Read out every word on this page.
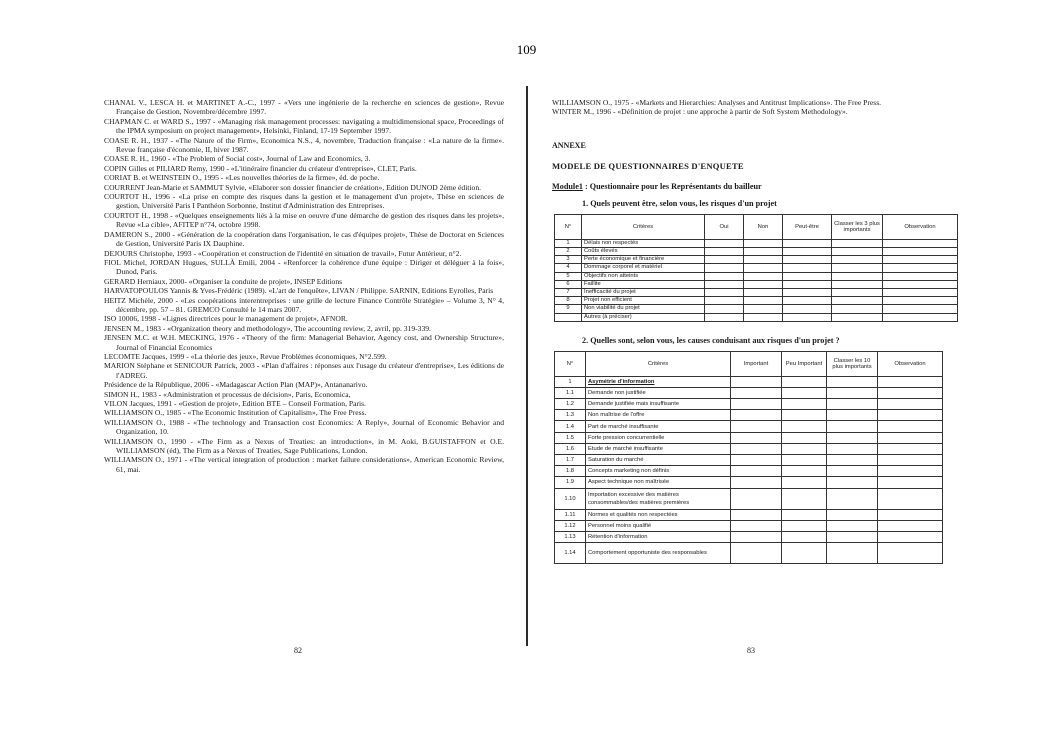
109
CHANAL V., LESCA H. et MARTINET A.-C., 1997 - «Vers une ingénierie de la recherche en sciences de gestion», Revue Française de Gestion, Novembre/décembre 1997.
CHAPMAN C. et WARD S., 1997 - «Managing risk management processes: navigating a multidimensional space, Proceedings of the IPMA symposium on project management», Helsinki, Finland, 17-19 September 1997.
COASE R. H., 1937 - «The Nature of the Firm», Economica N.S., 4, novembre, Traduction française : «La nature de la firme». Revue française d'économie, II, hiver 1987.
COASE R. H., 1960 - «The Problem of Social cost», Journal of Law and Economics, 3.
COPIN Gilles et PILIARD Remy, 1990 - «L'itinéraire financier du créateur d'entreprise», CLET, Paris.
CORIAT B. et WEINSTEIN O., 1995 - «Les nouvelles théories de la firme», éd. de poche.
COURRENT Jean-Marie et SAMMUT Sylvie, «Elaborer son dossier financier de création», Edition DUNOD 2ème édition.
COURTOT H., 1996 - «La prise en compte des risques dans la gestion et le management d'un projet», Thèse en sciences de gestion, Université Paris I Panthéon Sorbonne, Institut d'Administration des Entreprises.
COURTOT H., 1998 - «Quelques enseignements liés à la mise en oeuvre d'une démarche de gestion des risques dans les projets», Revue «La cible», AFITEP n°74, octobre 1998.
DAMERON S., 2000 - «Génération de la coopération dans l'organisation, le cas d'équipes projet», Thèse de Doctorat en Sciences de Gestion, Université Paris IX Dauphine.
DEJOURS Christophe, 1993 - «Coopération et construction de l'identité en situation de travail», Futur Antérieur, n°2.
FIOL Michel, JORDAN Hugues, SULLÀ Emili, 2004 - «Renforcer la cohérence d'une équipe : Diriger et déléguer à la fois», Dunod, Paris.
GERARD Herniaux, 2000- «Organiser la conduite de projet», INSEP Editions
HARVATOPOULOS Yannis & Yves-Frédéric (1989). «L'art de l'enquête», LIVAN / Philippe. SARNIN, Editions Eyrolles, Paris
HEITZ Michèle, 2000 - «Les coopérations interentreprises : une grille de lecture Finance Contrôle Stratégie» – Volume 3, N° 4, décembre, pp. 57 – 81. GREMCO Consulté le 14 mars 2007.
ISO 10006, 1998 - «Lignes directrices pour le management de projet», AFNOR.
JENSEN M., 1983 - «Organization theory and methodology», The accounting review, 2, avril, pp. 319-339.
JENSEN M.C. et W.H. MECKING, 1976 - «Theory of the firm: Managerial Behavior, Agency cost, and Ownership Structure», Journal of Financial Economics
LECOMTE Jacques, 1999 - «La théorie des jeux», Revue Problèmes économiques, N°2.599.
MARION Stéphane et SENICOUR Patrick, 2003 - «Plan d'affaires : réponses aux l'usage du créateur d'entreprise», Les éditions de l'ADREG.
Présidence de la République, 2006 - «Madagascar Action Plan (MAP)», Antananarivo.
SIMON H., 1983 - «Administration et processus de décision», Paris, Economica,
VILON Jacques, 1991 - «Gestion de projet», Edition BTE – Conseil Formation, Paris.
WILLIAMSON O., 1985 - «The Economic Institution of Capitalism», The Free Press.
WILLIAMSON O., 1988 - «The technology and Transaction cost Economics: A Reply», Journal of Economic Behavior and Organization, 10.
WILLIAMSON O., 1990 - «The Firm as a Nexus of Treaties: an introduction», in M. Aoki, B.GUISTAFFON et O.E. WILLIAMSON (éd), The Firm as a Nexus of Treaties, Sage Publications, London.
WILLIAMSON O., 1971 - «The vertical integration of production : market failure considerations», American Economic Review, 61, mai.
82
WILLIAMSON O., 1975 - «Markets and Hierarchies: Analyses and Antitrust Implications». The Free Press.
WINTER M., 1996 - «Définition de projet : une approche à partir de Soft System Methodology».
ANNEXE
MODELE DE QUESTIONNAIRES D'ENQUETE
Module1 : Questionnaire pour les Représentants du bailleur
1. Quels peuvent être, selon vous, les risques d'un projet
N°	Critères	Oui	Non	Peut-être	Classer les 3 plus importants	Observation
1	Délais non respectés					
2	Coûts élevés					
3	Perte économique et financière					
4	Dommage corporel et matériel					
5	Objectifs non atteints					
6	Faillite					
7	Inefficacité du projet					
8	Projet non efficient					
9	Non viabilité du projet					
	Autres (à préciser)					
2. Quelles sont, selon vous, les causes conduisant aux risques d'un projet ?
N°	Critères	Important	Peu Important	Classer les 10 plus importants	Observation
1	Asymétrie d'information				
1.1	Demande non justifiée				
1.2	Demande justifiée mais insuffisante				
1.3	Non maîtrise de l'offre				
1.4	Part de marché insuffisante				
1.5	Forte pression concurrentielle				
1.6	Etude de marché insuffisante				
1.7	Saturation du marché				
1.8	Concepts marketing non définis				
1.9	Aspect technique non maîtrisée				
1.10	Importation excessive des matières consommables/des matières premières				
1.11	Normes et qualités non respectées				
1.12	Personnel moins qualifié				
1.13	Rétention d'information				
1.14	Comportement opportuniste des responsables				
83
